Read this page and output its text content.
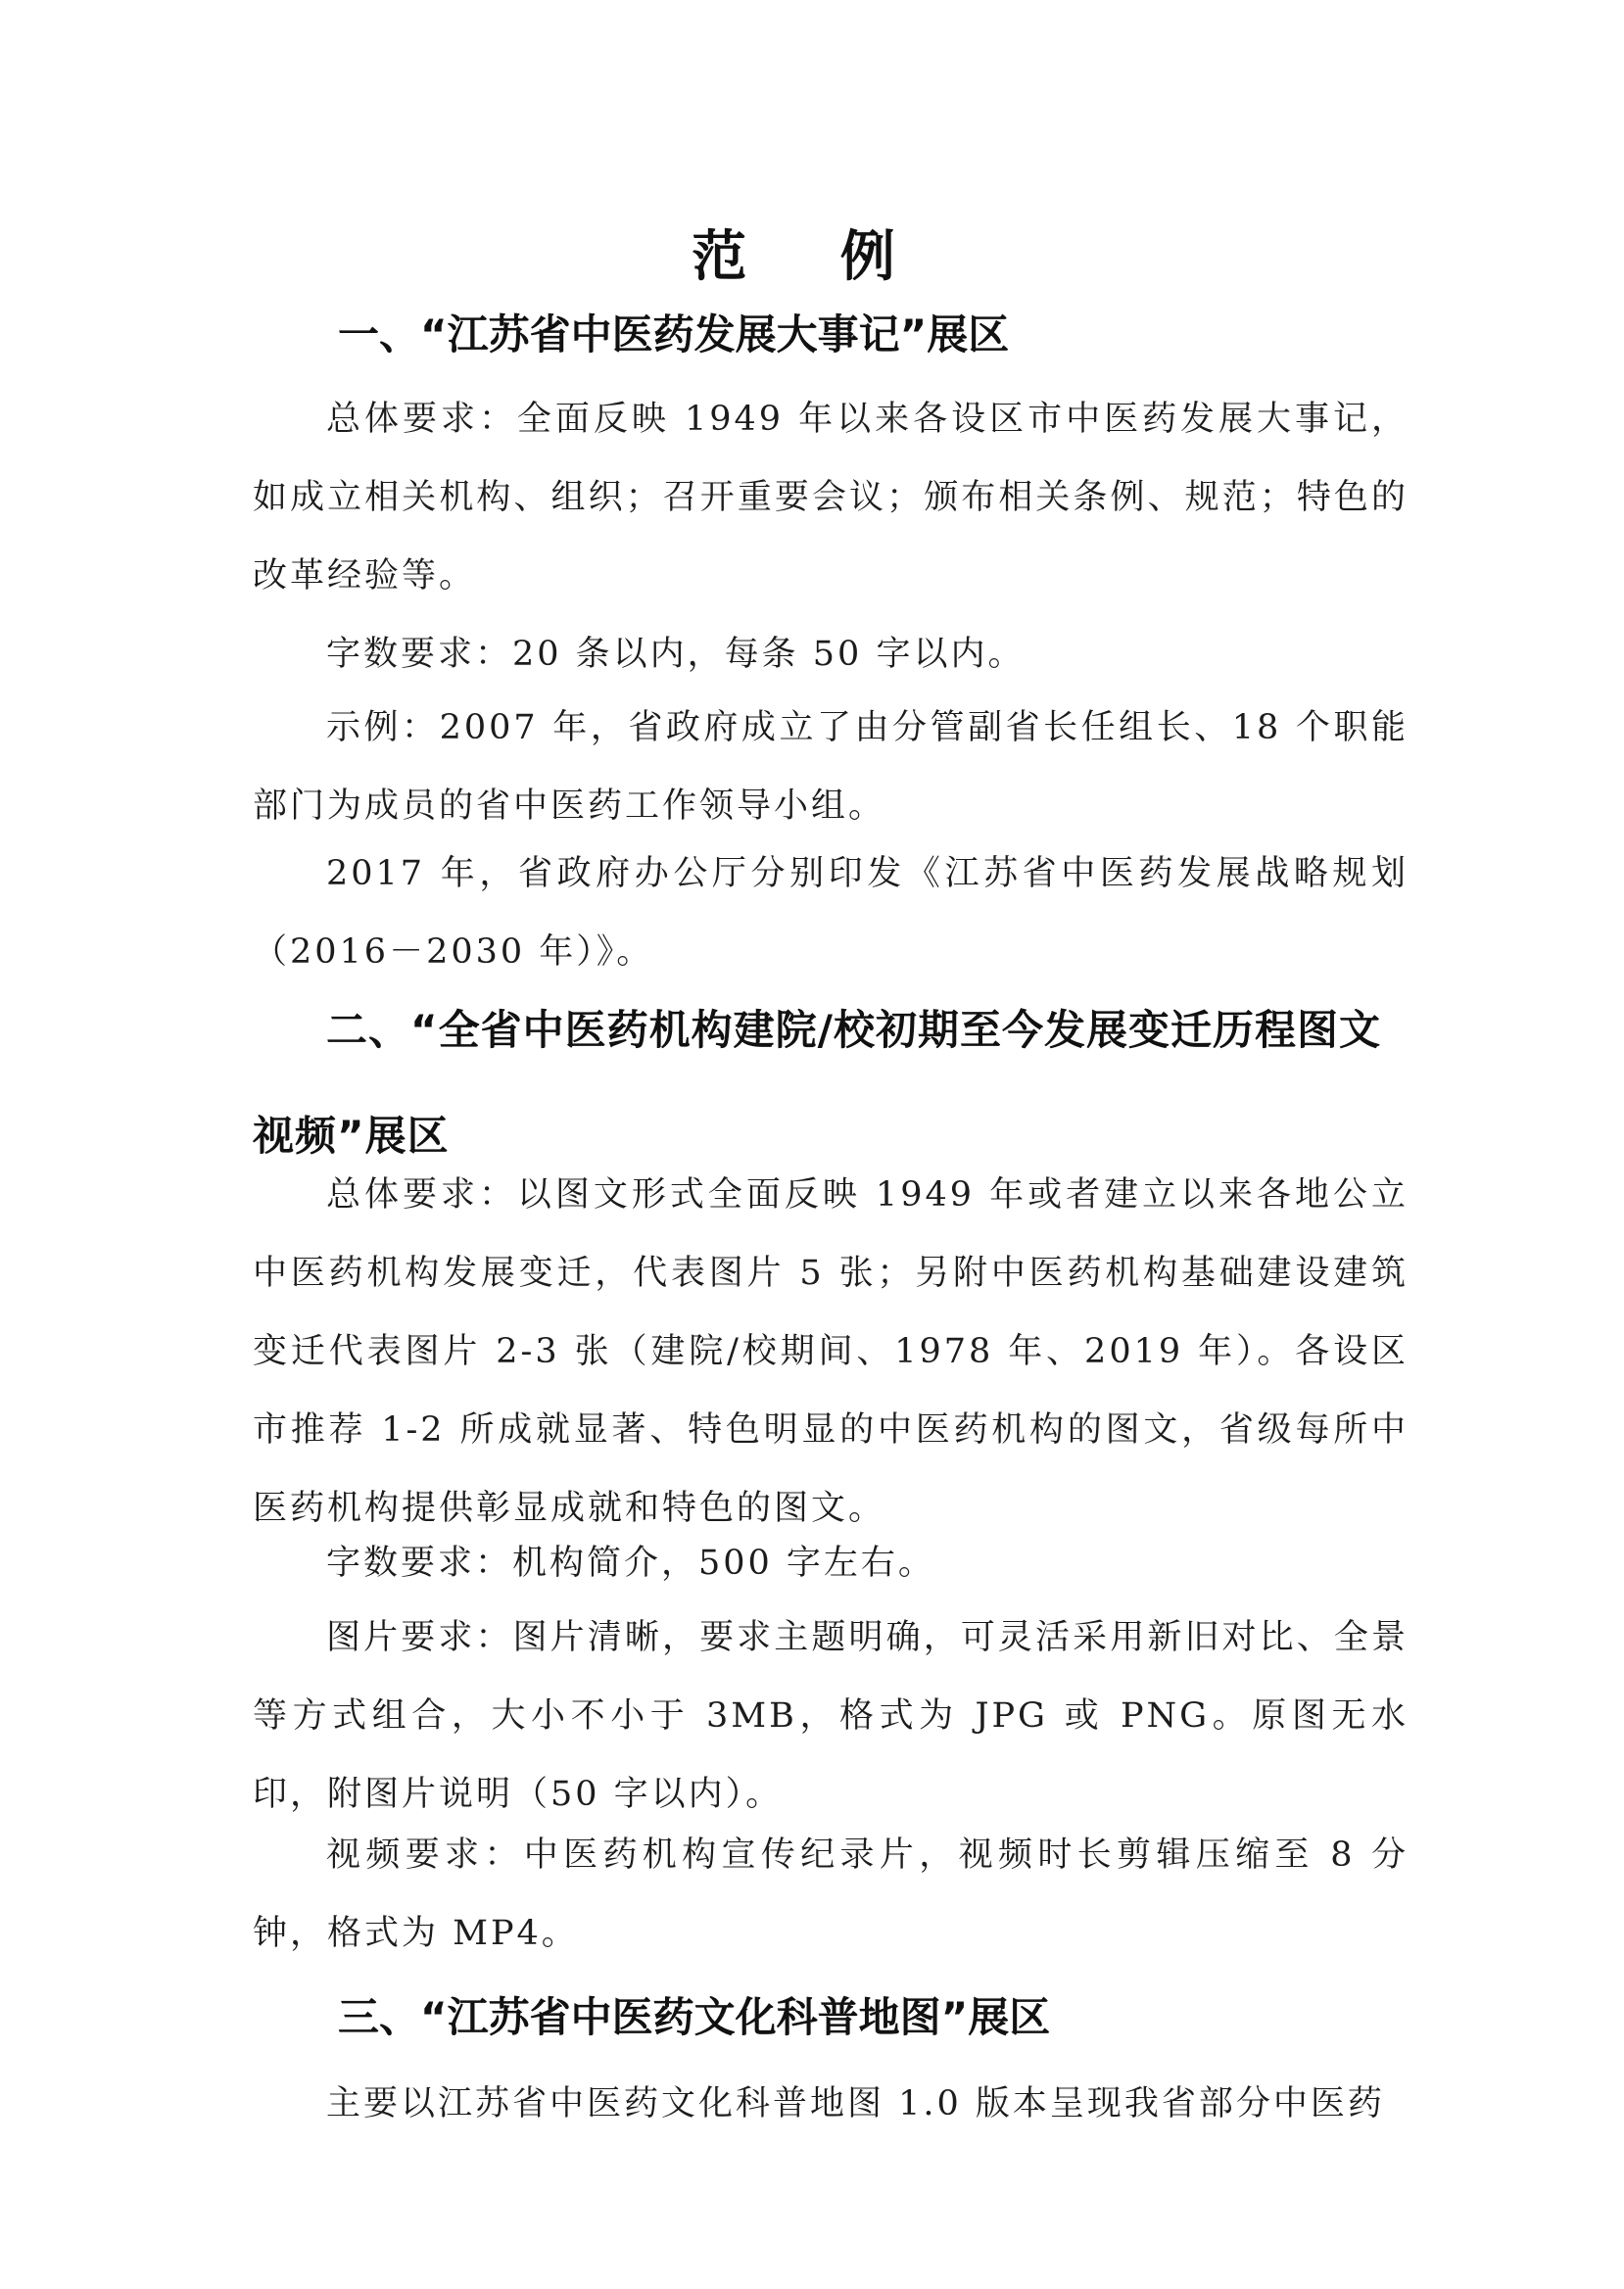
范 例
一、“江苏省中医药发展大事记”展区
总体要求：全面反映 1949 年以来各设区市中医药发展大事记，如成立相关机构、组织；召开重要会议；颁布相关条例、规范；特色的改革经验等。
字数要求：20 条以内，每条 50 字以内。
示例：2007 年，省政府成立了由分管副省长任组长、18 个职能部门为成员的省中医药工作领导小组。
2017 年，省政府办公厅分别印发《江苏省中医药发展战略规划（2016－2030 年）》。
二、“全省中医药机构建院/校初期至今发展变迁历程图文视频”展区
总体要求：以图文形式全面反映 1949 年或者建立以来各地公立中医药机构发展变迁，代表图片 5 张；另附中医药机构基础建设建筑变迁代表图片 2-3 张（建院/校期间、1978 年、2019 年）。各设区市推荐 1-2 所成就显著、特色明显的中医药机构的图文，省级每所中医药机构提供彰显成就和特色的图文。
字数要求：机构简介，500 字左右。
图片要求：图片清晰，要求主题明确，可灵活采用新旧对比、全景等方式组合，大小不小于 3MB，格式为 JPG 或 PNG。原图无水印，附图片说明（50 字以内）。
视频要求：中医药机构宣传纪录片，视频时长剪辑压缩至 8 分钟，格式为 MP4。
三、“江苏省中医药文化科普地图”展区
主要以江苏省中医药文化科普地图 1.0 版本呈现我省部分中医药
